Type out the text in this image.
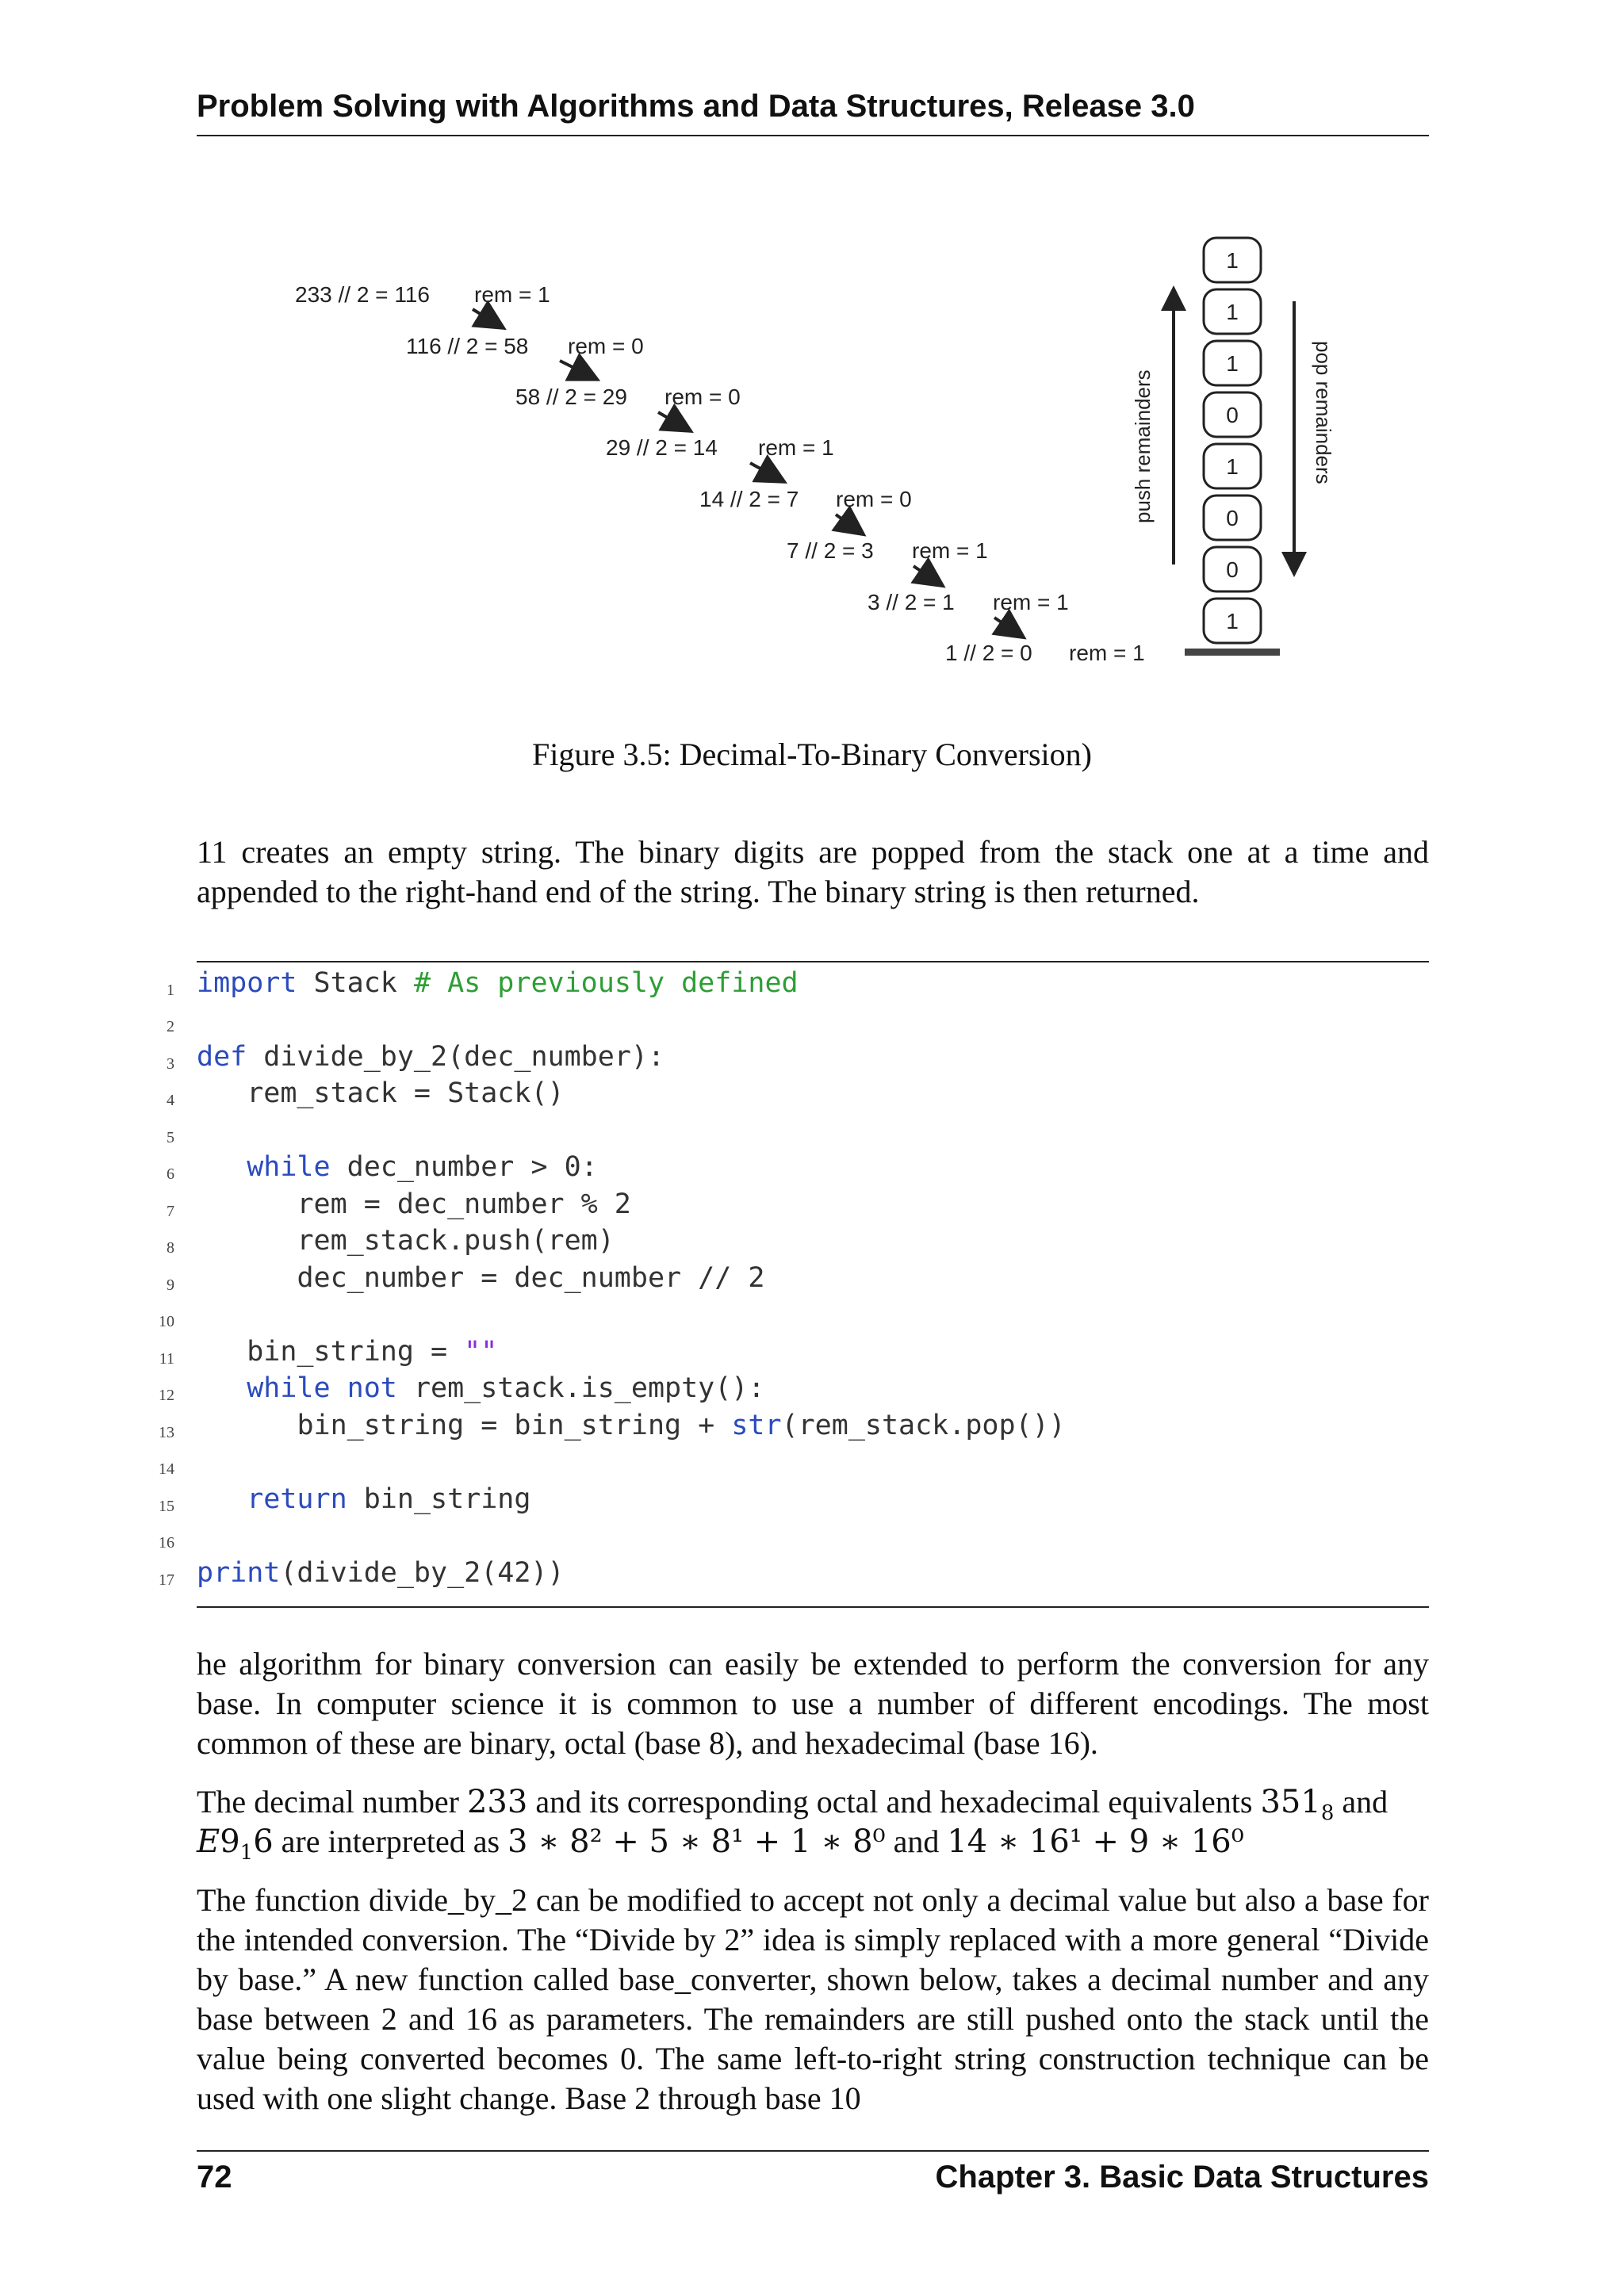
Problem Solving with Algorithms and Data Structures, Release 3.0
233 // 2 = 116 rem = 1
116 // 2 = 58 rem = 0
58 // 2 = 29 rem = 0
29 // 2 = 14 rem = 1
14 // 2 = 7 rem = 0
7 // 2 = 3 rem = 1
3 // 2 = 1 rem = 1
1 // 2 = 0 rem = 1
push remainders	pop remainders
1
1
1
0
1
0
0
1
Figure 3.5: Decimal-To-Binary Conversion)
11 creates an empty string. The binary digits are popped from the stack one at a time and appended to the right-hand end of the string. The binary string is then returned.
1 import Stack # As previously defined
2
3 def divide_by_2(dec_number):
4	rem_stack = Stack()
5
6	while dec_number > 0:
7	rem = dec_number % 2
8	rem_stack.push(rem)
9	dec_number = dec_number // 2
10
11	bin_string = ""
12	while not rem_stack.is_empty():
13	bin_string = bin_string + str(rem_stack.pop())
14
15	return bin_string
16
17 print(divide_by_2(42))
he algorithm for binary conversion can easily be extended to perform the conversion for any base. In computer science it is common to use a number of different encodings. The most common of these are binary, octal (base 8), and hexadecimal (base 16).
The decimal number 233 and its corresponding octal and hexadecimal equivalents $351_8$ and
$E9_16$ are interpreted as 3 ∗ 8² + 5 ∗ 8¹ + 1 ∗ 8⁰ and 14 ∗ 16¹ + 9 ∗ 16⁰
The function divide_by_2 can be modified to accept not only a decimal value but also a base for the intended conversion. The “Divide by 2” idea is simply replaced with a more general “Divide by base.” A new function called base_converter, shown below, takes a decimal number and any base between 2 and 16 as parameters. The remainders are still pushed onto the stack until the value being converted becomes 0. The same left-to-right string construction technique can be used with one slight change. Base 2 through base 10
72	Chapter 3. Basic Data Structures
